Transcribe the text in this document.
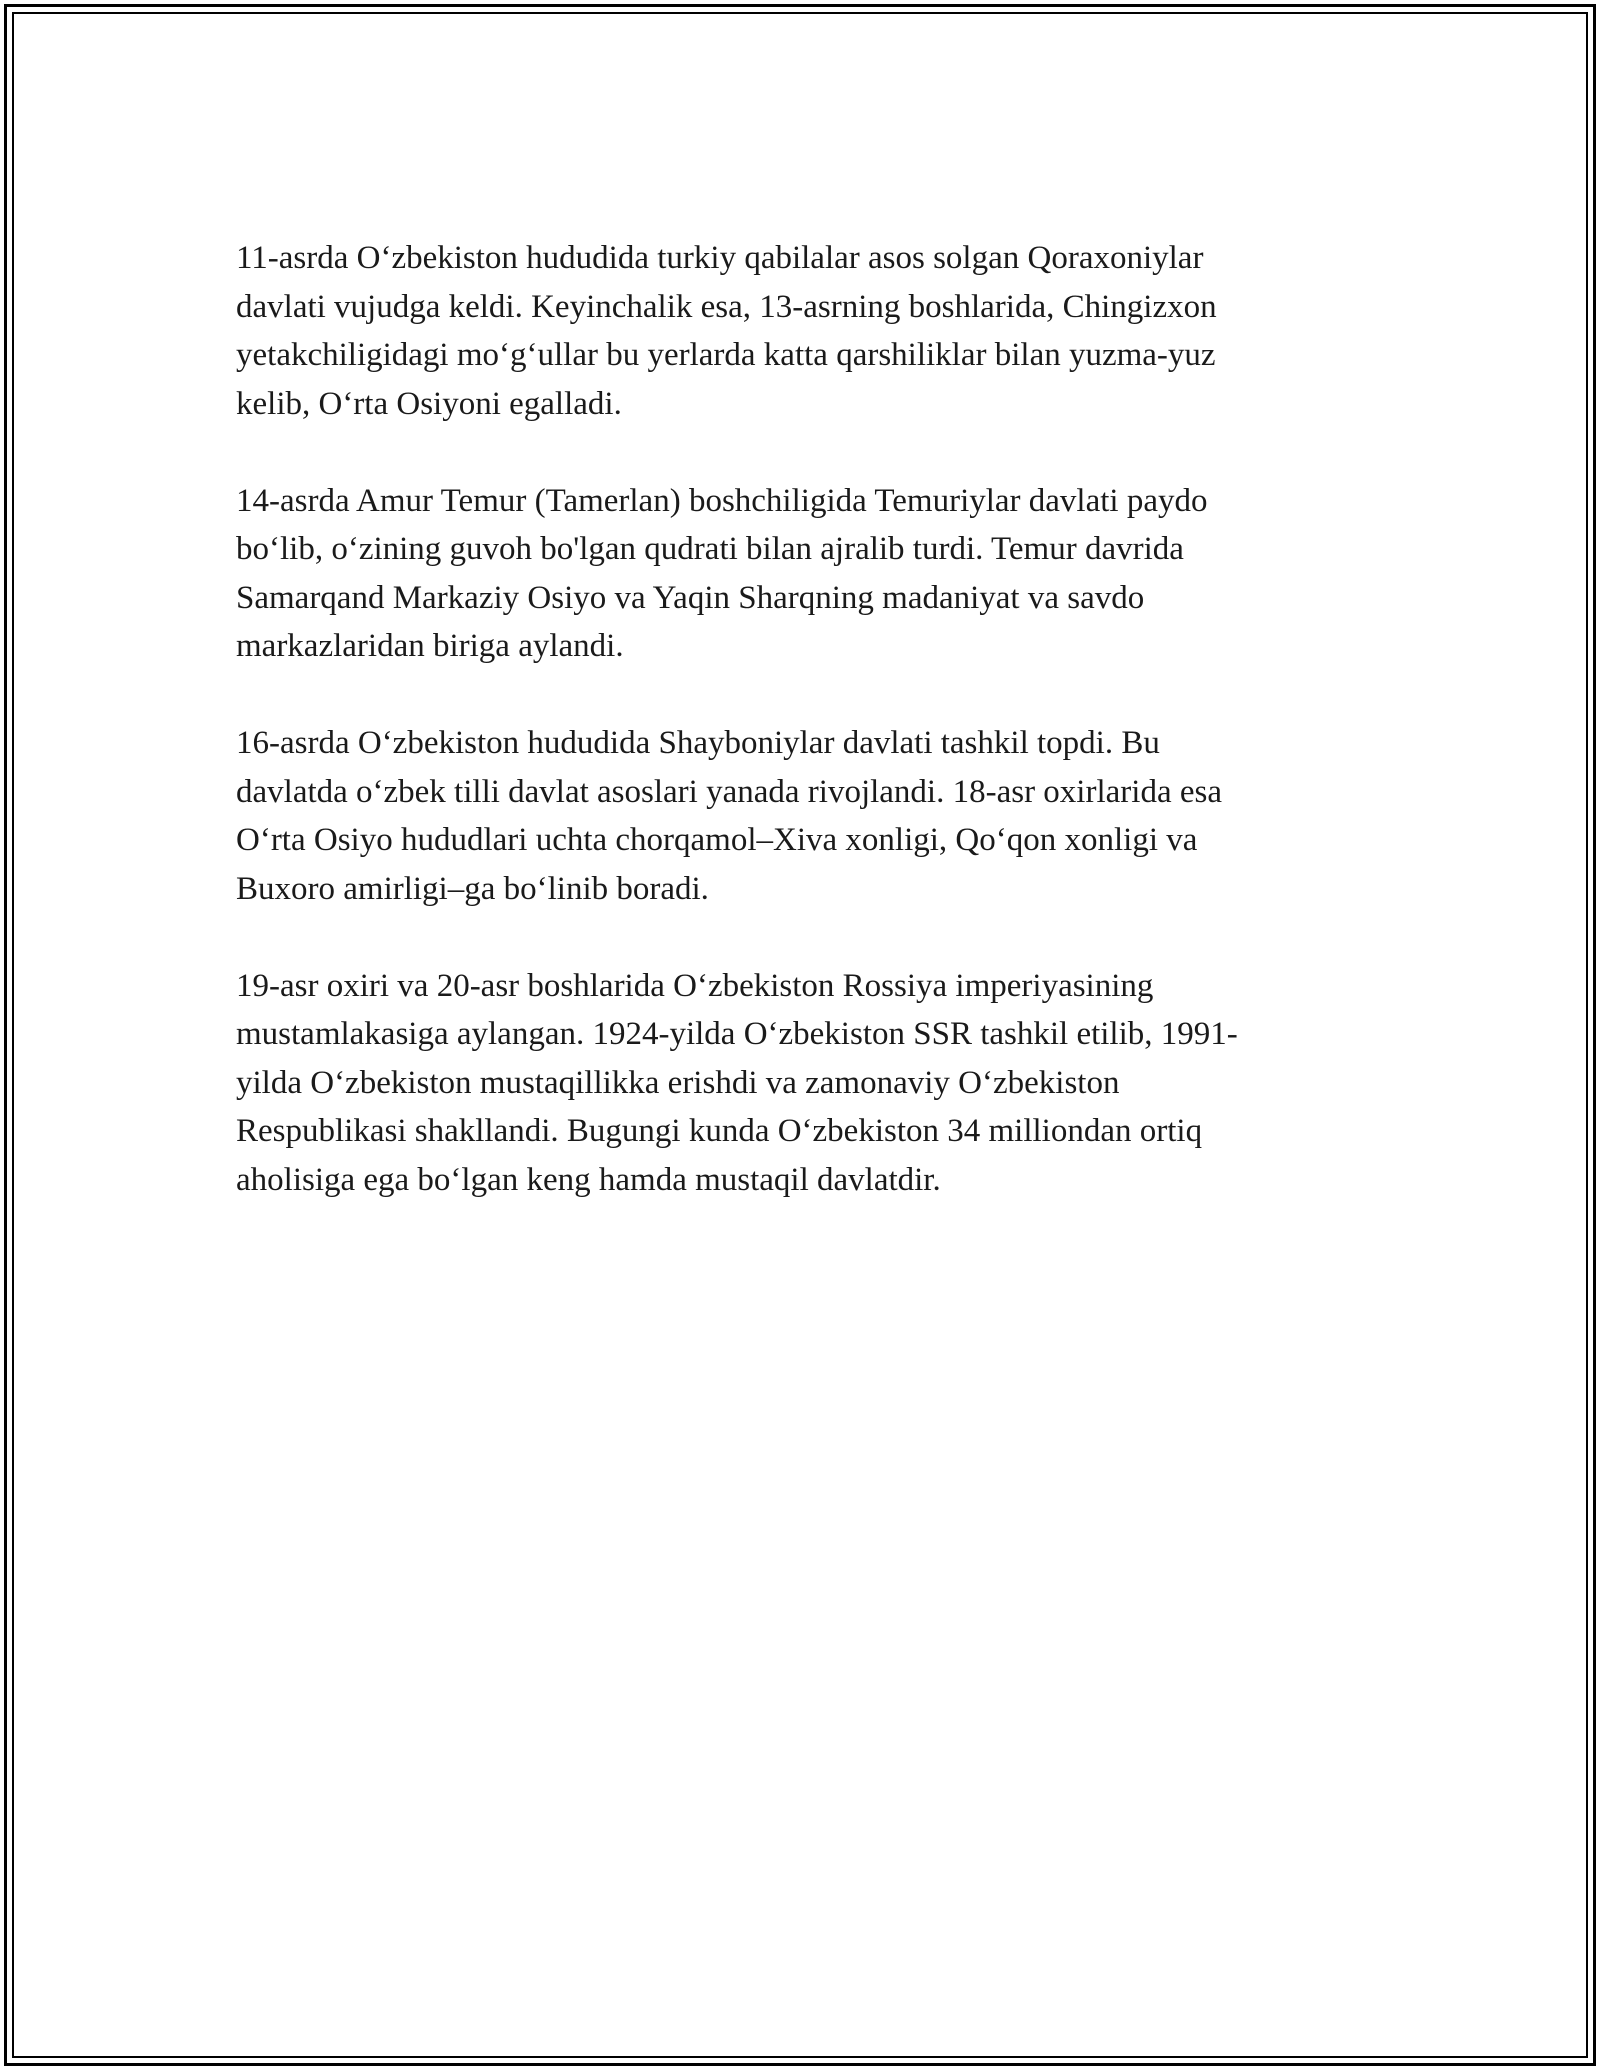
11-asrda O‘zbekiston hududida turkiy qabilalar asos solgan Qoraxoniylar
davlati vujudga keldi. Keyinchalik esa, 13-asrning boshlarida, Chingizxon
yetakchiligidagi mo‘g‘ullar bu yerlarda katta qarshiliklar bilan yuzma-yuz
kelib, O‘rta Osiyoni egalladi.

14-asrda Amur Temur (Tamerlan) boshchiligida Temuriylar davlati paydo
bo‘lib, o‘zining guvoh bo'lgan qudrati bilan ajralib turdi. Temur davrida
Samarqand Markaziy Osiyo va Yaqin Sharqning madaniyat va savdo
markazlaridan biriga aylandi.

16-asrda O‘zbekiston hududida Shayboniylar davlati tashkil topdi. Bu
davlatda o‘zbek tilli davlat asoslari yanada rivojlandi. 18-asr oxirlarida esa
O‘rta Osiyo hududlari uchta chorqamol–Xiva xonligi, Qo‘qon xonligi va
Buxoro amirligi–ga bo‘linib boradi.

19-asr oxiri va 20-asr boshlarida O‘zbekiston Rossiya imperiyasining
mustamlakasiga aylangan. 1924-yilda O‘zbekiston SSR tashkil etilib, 1991-
yilda O‘zbekiston mustaqillikka erishdi va zamonaviy O‘zbekiston
Respublikasi shakllandi. Bugungi kunda O‘zbekiston 34 milliondan ortiq
aholisiga ega bo‘lgan keng hamda mustaqil davlatdir.
